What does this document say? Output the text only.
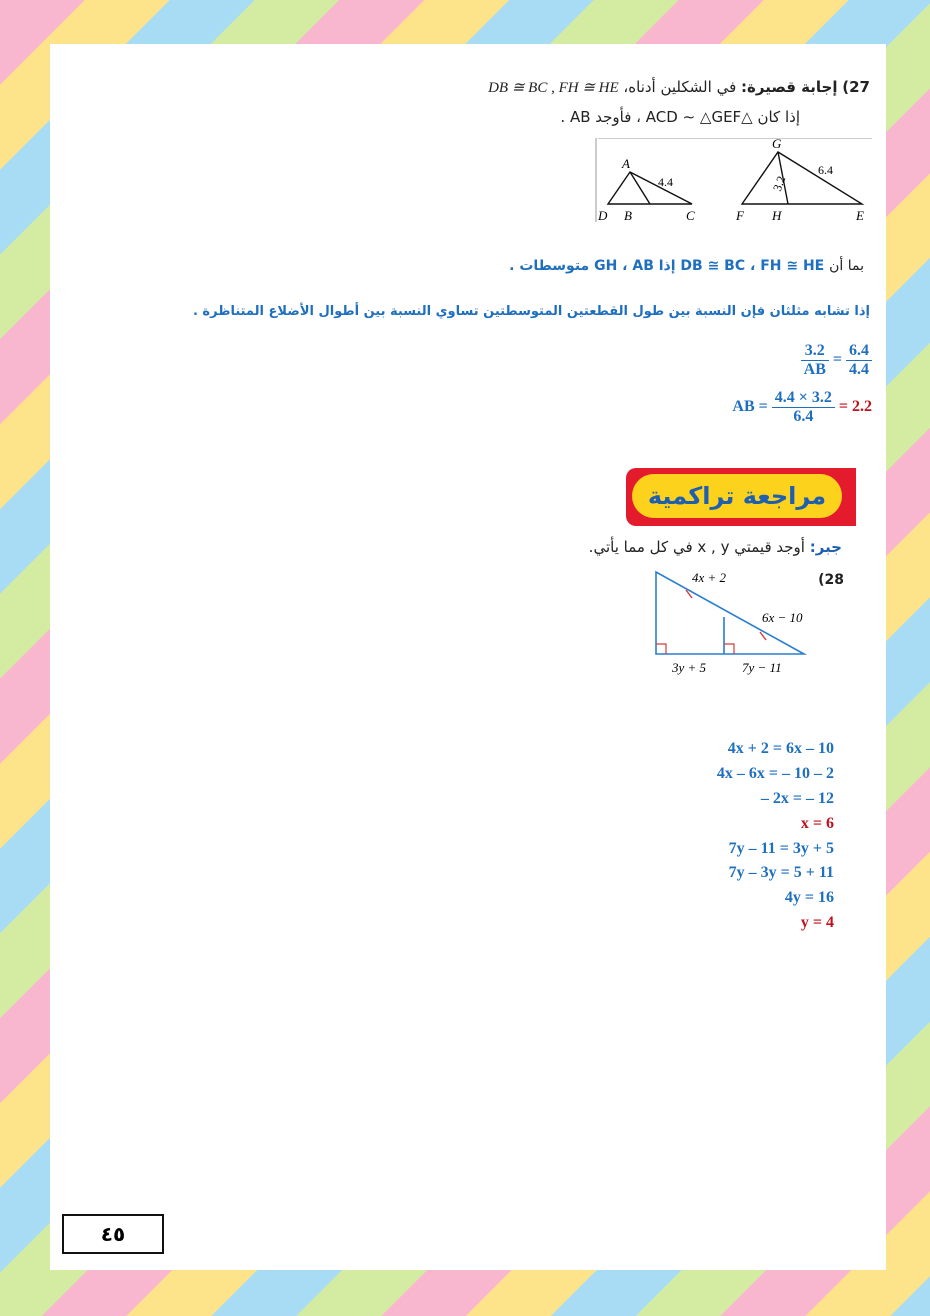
27) إجابة قصيرة: في الشكلين أدناه، DB ≅ BC , FH ≅ HE
إذا كان △ACD ∼ △GEF ، فأوجد AB .
A
D B	C
4.4
G
F H	E
3.2
6.4
بما أن DB ≅ BC ، FH ≅ HE إذا GH ، AB متوسطات .
إذا تشابه مثلثان فإن النسبة بين طول القطعتين المتوسطتين تساوي النسبة بين أطوال الأضلاع المتناظرة .
$\frac{3.2}{AB} = \frac{6.4}{4.4}$
AB = $\frac{4.4 \times 3.2}{6.4} = 2.2$
مراجعة تراكمية
جبر: أوجد قيمتي x , y في كل مما يأتي.
(28
4x + 2
6x − 10
3y + 5	7y − 11
4x + 2 = 6x – 10
4x – 6x = – 10 – 2
– 2x = – 12
x = 6
7y – 11 = 3y + 5
7y – 3y = 5 + 11
4y = 16
y = 4
٤٥
